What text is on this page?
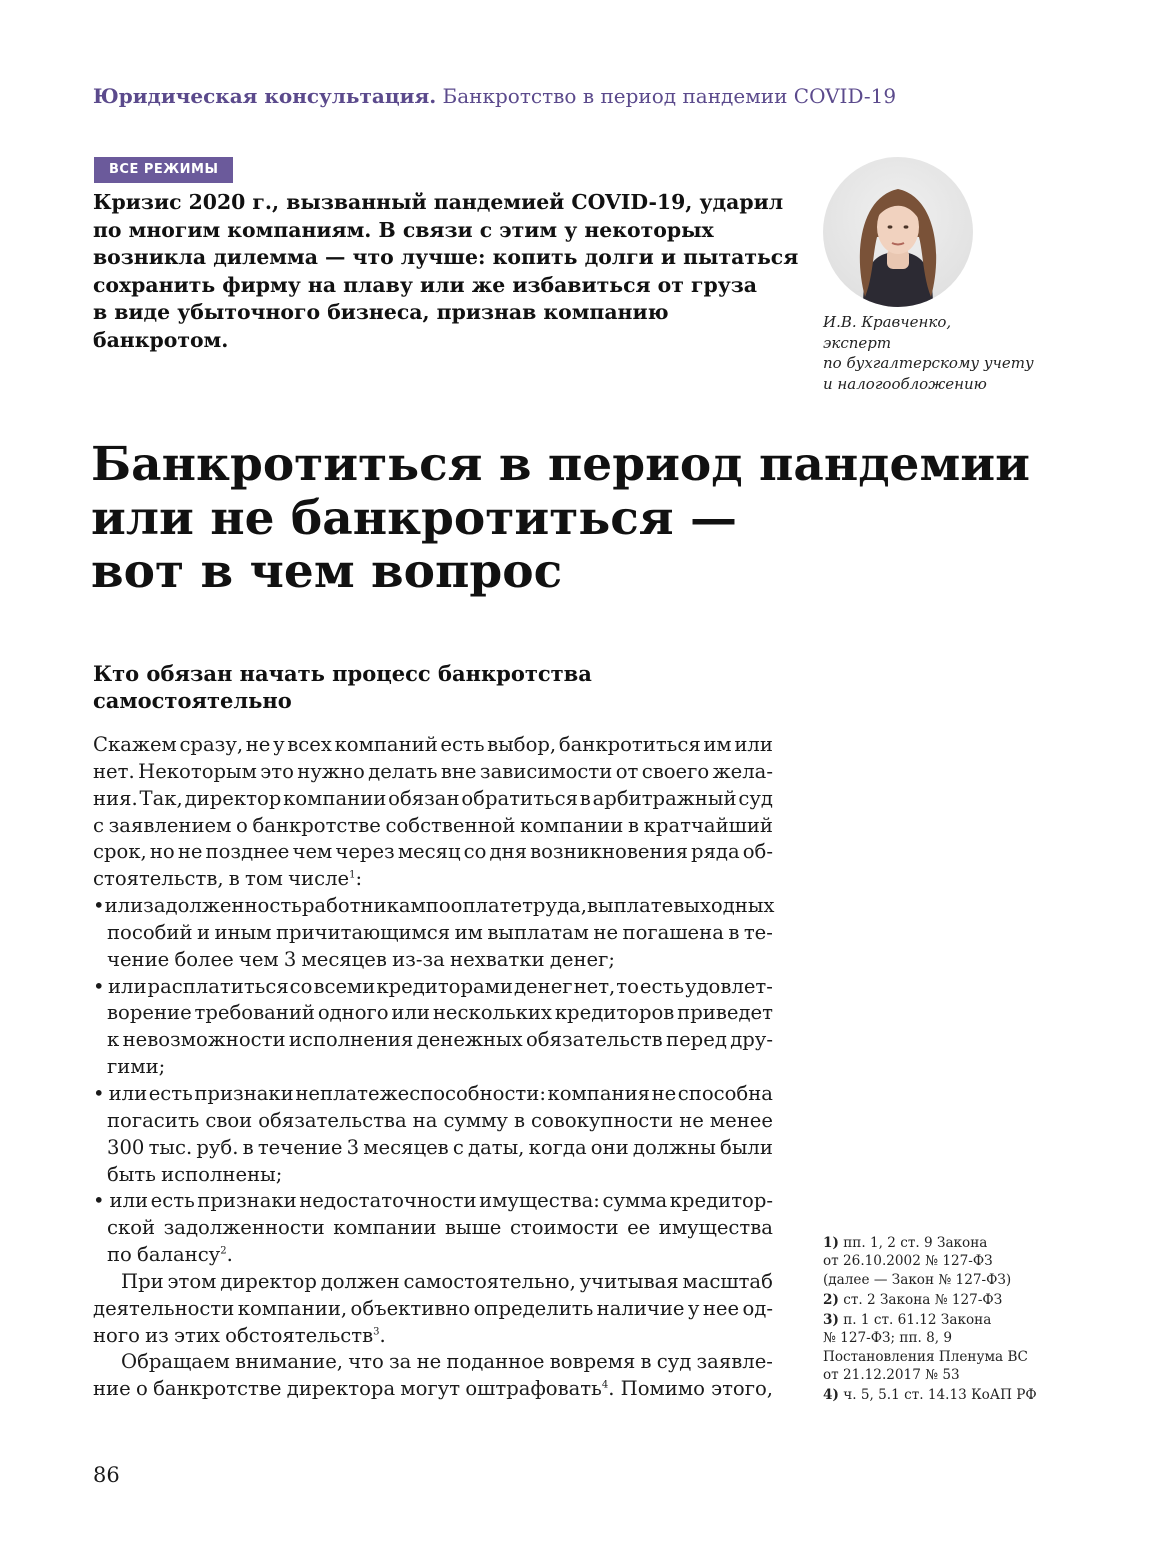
Юридическая консультация. Банкротство в период пандемии COVID-19
ВСЕ РЕЖИМЫ
Кризис 2020 г., вызванный пандемией COVID-19, ударил
по многим компаниям. В связи с этим у некоторых
возникла дилемма — что лучше: копить долги и пытаться
сохранить фирму на плаву или же избавиться от груза
в виде убыточного бизнеса, признав компанию
банкротом.
И.В. Кравченко,
эксперт
по бухгалтерскому учету
и налогообложению
Банкротиться в период пандемии
или не банкротиться —
вот в чем вопрос
Кто обязан начать процесс банкротства
самостоятельно
Скажем сразу, не у всех компаний есть выбор, банкротиться им или
нет. Некоторым это нужно делать вне зависимости от своего жела-
ния. Так, директор компании обязан обратиться в арбитражный суд
с заявлением о банкротстве собственной компании в кратчайший
срок, но не позднее чем через месяц со дня возникновения ряда об-
стоятельств, в том числе$^1$:
• или задолженность работникам по оплате труда, выплате выходных
пособий и иным причитающимся им выплатам не погашена в те-
чение более чем 3 месяцев из-за нехватки денег;
• или расплатиться со всеми кредиторами денег нет, то есть удовлет-
ворение требований одного или нескольких кредиторов приведет
к невозможности исполнения денежных обязательств перед дру-
гими;
• или есть признаки неплатежеспособности: компания не способна
погасить свои обязательства на сумму в совокупности не менее
300 тыс. руб. в течение 3 месяцев с даты, когда они должны были
быть исполнены;
• или есть признаки недостаточности имущества: сумма кредитор-
ской задолженности компании выше стоимости ее имущества
по балансу$^2$.
При этом директор должен самостоятельно, учитывая масштаб
деятельности компании, объективно определить наличие у нее од-
ного из этих обстоятельств$^3$.
Обращаем внимание, что за не поданное вовремя в суд заявле-
ние о банкротстве директора могут оштрафовать$^4$. Помимо этого,
1) пп. 1, 2 ст. 9 Закона
от 26.10.2002 № 127-ФЗ
(далее — Закон № 127-ФЗ)
2) ст. 2 Закона № 127-ФЗ
3) п. 1 ст. 61.12 Закона
№ 127-ФЗ; пп. 8, 9
Постановления Пленума ВС
от 21.12.2017 № 53
4) ч. 5, 5.1 ст. 14.13 КоАП РФ
86
